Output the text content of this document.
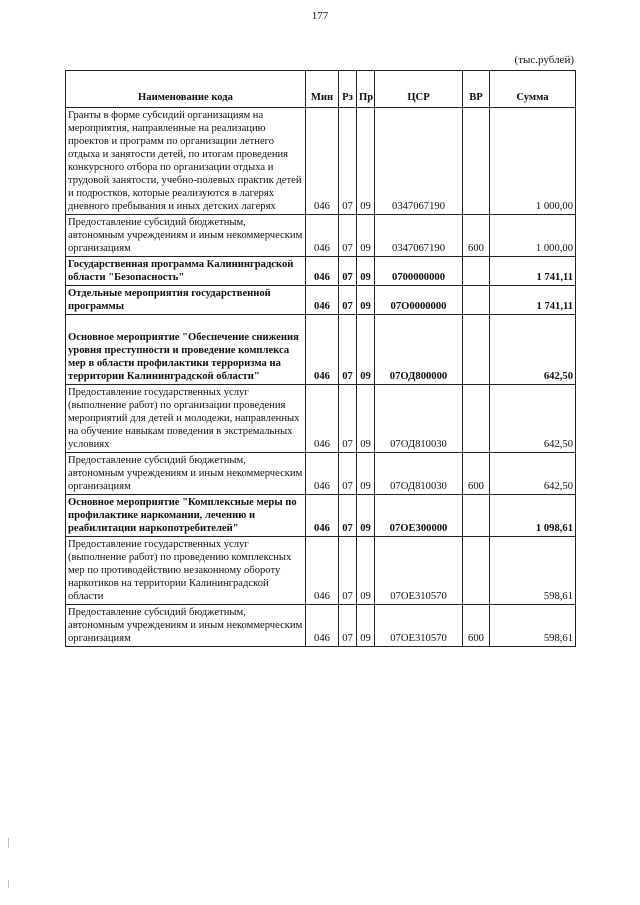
177
(тыс.рублей)
Наименование кода	Мин	Рз	Пр	ЦСР	ВР	Сумма
Гранты в форме субсидий организациям на мероприятия, направленные на реализацию проектов и программ по организации летнего отдыха и занятости детей, по итогам проведения конкурсного отбора по организации отдыха и трудовой занятости, учебно-полевых практик детей и подростков, которые реализуются в лагерях дневного пребывания и иных детских лагерях	046	07	09	0347067190		1 000,00
Предоставление субсидий бюджетным, автономным учреждениям и иным некоммерческим организациям	046	07	09	0347067190	600	1 000,00
Государственная программа Калининградской области "Безопасность"	046	07	09	0700000000		1 741,11
Отдельные мероприятия государственной программы	046	07	09	07О0000000		1 741,11
Основное мероприятие "Обеспечение снижения уровня преступности и проведение комплекса мер в области профилактики терроризма на территории Калининградской области"	046	07	09	07ОД800000		642,50
Предоставление государственных услуг (выполнение работ) по организации проведения мероприятий для детей и молодежи, направленных на обучение навыкам поведения в экстремальных условиях	046	07	09	07ОД810030		642,50
Предоставление субсидий бюджетным, автономным учреждениям и иным некоммерческим организациям	046	07	09	07ОД810030	600	642,50
Основное мероприятие "Комплексные меры по профилактике наркомании, лечению и реабилитации наркопотребителей"	046	07	09	07ОЕ300000		1 098,61
Предоставление государственных услуг (выполнение работ) по проведению комплексных мер по противодействию незаконному обороту наркотиков на территории Калининградской области	046	07	09	07ОЕ310570		598,61
Предоставление субсидий бюджетным, автономным учреждениям и иным некоммерческим организациям	046	07	09	07ОЕ310570	600	598,61
